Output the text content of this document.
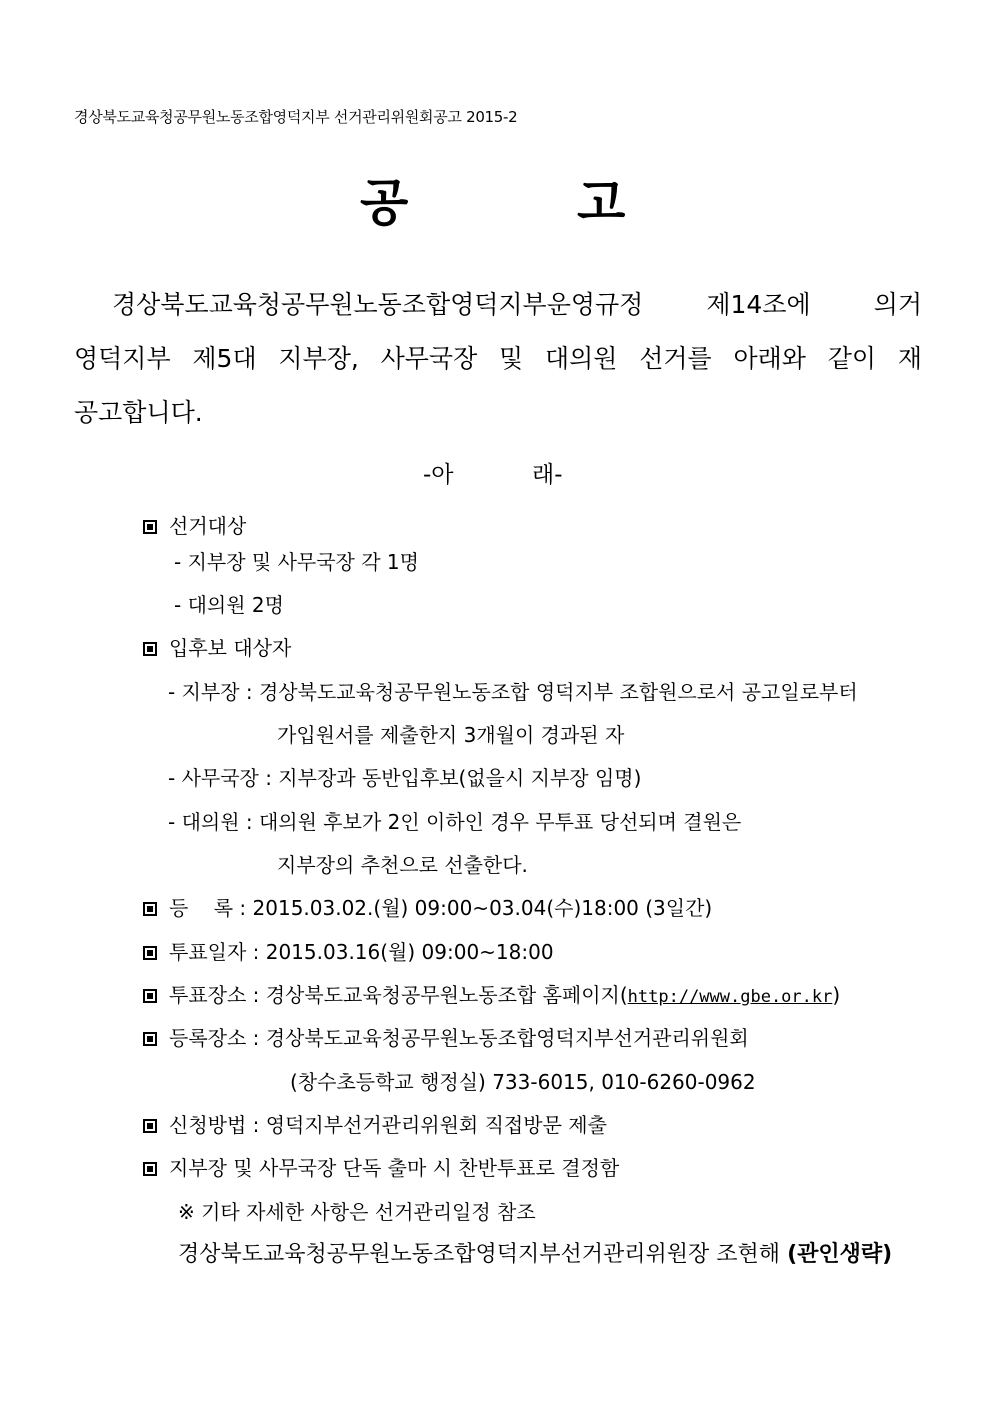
경상북도교육청공무원노동조합영덕지부 선거관리위원회공고 2015-2
공	고
경상북도교육청공무원노동조합영덕지부운영규정 제14조에 의거
영덕지부 제5대 지부장, 사무국장 및 대의원 선거를 아래와 같이 재
공고합니다.
-아	래-
선거대상
- 지부장 및 사무국장 각 1명
- 대의원 2명
입후보 대상자
- 지부장 : 경상북도교육청공무원노동조합 영덕지부 조합원으로서 공고일로부터
가입원서를 제출한지 3개월이 경과된 자
- 사무국장 : 지부장과 동반입후보(없을시 지부장 임명)
- 대의원 : 대의원 후보가 2인 이하인 경우 무투표 당선되며 결원은
지부장의 추천으로 선출한다.
등    록 : 2015.03.02.(월) 09:00~03.04(수)18:00 (3일간)
투표일자 : 2015.03.16(월) 09:00~18:00
투표장소 : 경상북도교육청공무원노동조합 홈페이지(http://www.gbe.or.kr)
등록장소 : 경상북도교육청공무원노동조합영덕지부선거관리위원회
(창수초등학교 행정실) 733-6015, 010-6260-0962
신청방법 : 영덕지부선거관리위원회 직접방문 제출
지부장 및 사무국장 단독 출마 시 찬반투표로 결정함
※ 기타 자세한 사항은 선거관리일정 참조
경상북도교육청공무원노동조합영덕지부선거관리위원장 조현해 (관인생략)
